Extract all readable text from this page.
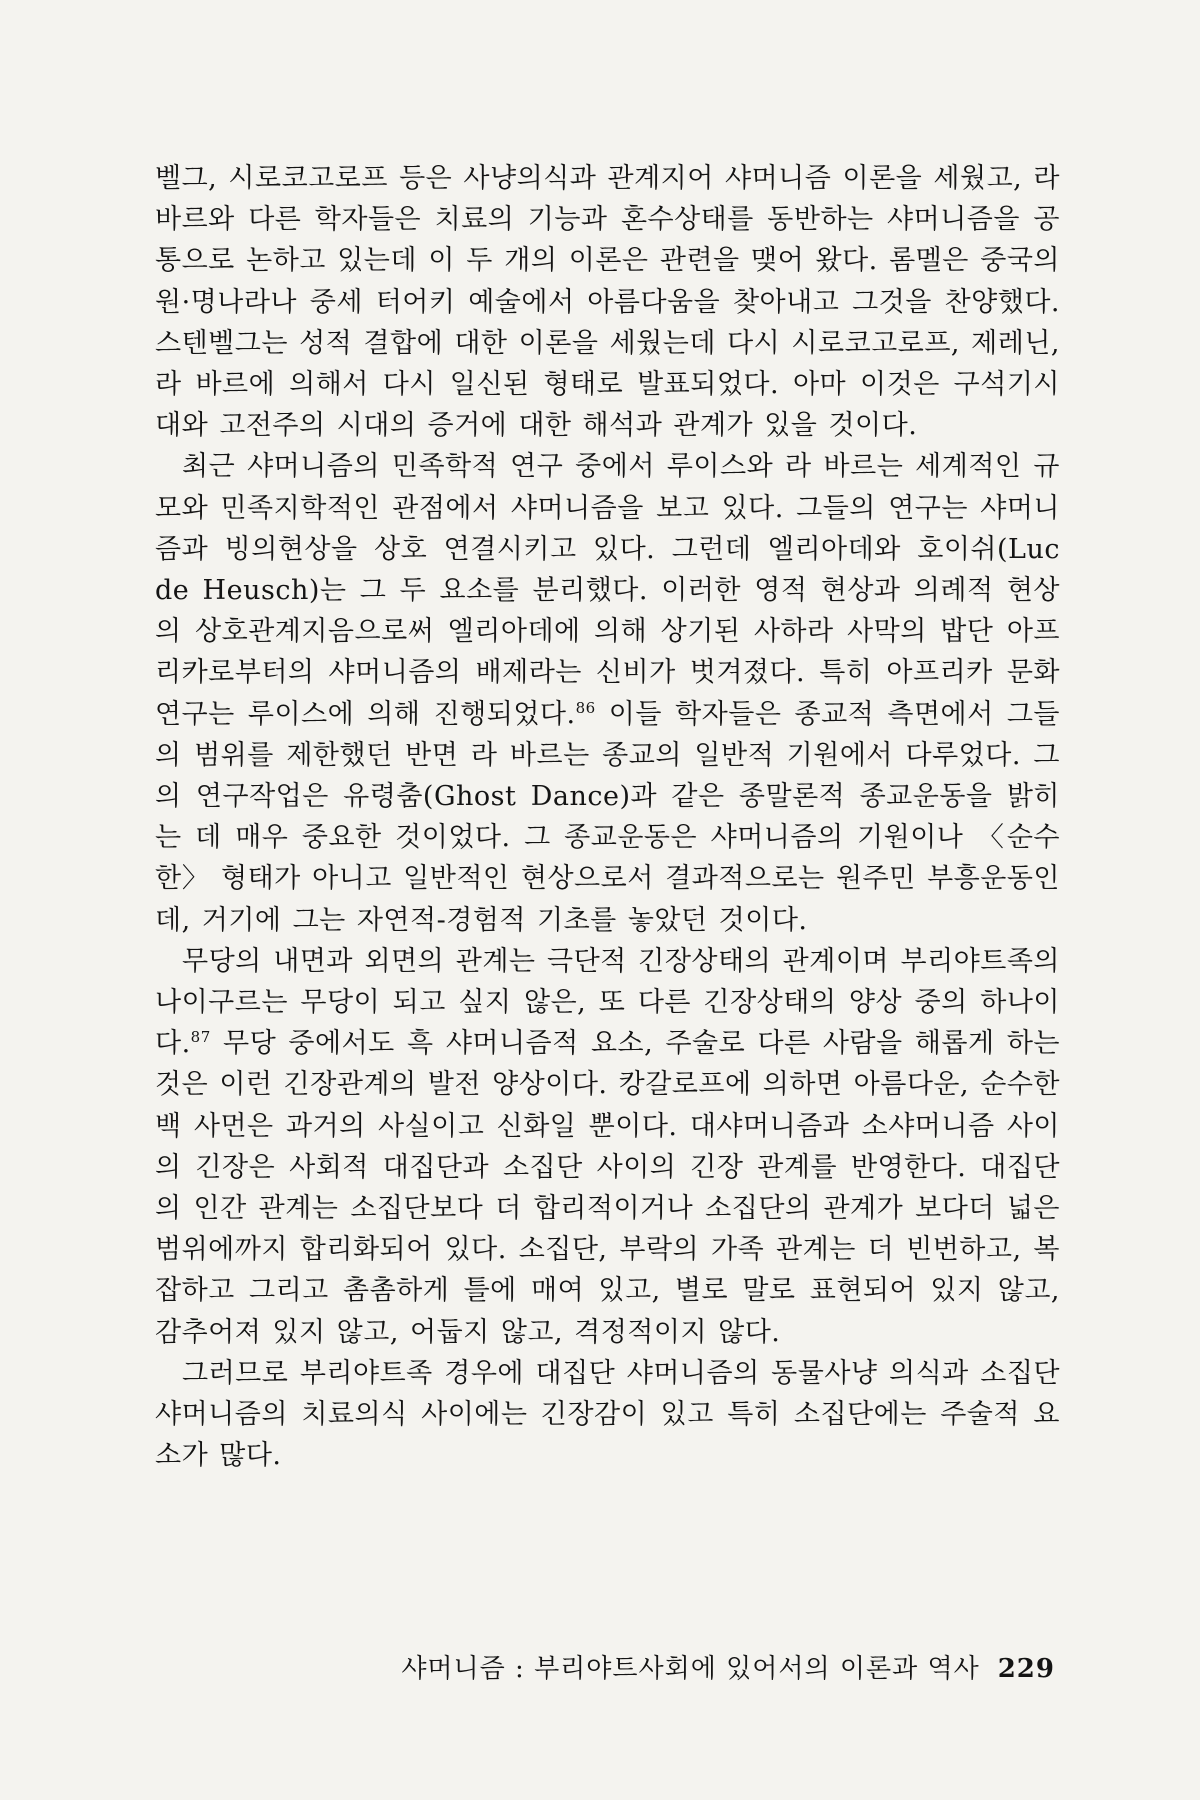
벨그, 시로코고로프 등은 사냥의식과 관계지어 샤머니즘 이론을 세웠고, 라 바르와 다른 학자들은 치료의 기능과 혼수상태를 동반하는 샤머니즘을 공통으로 논하고 있는데 이 두 개의 이론은 관련을 맺어 왔다. 롬멜은 중국의 원·명나라나 중세 터어키 예술에서 아름다움을 찾아내고 그것을 찬양했다. 스텐벨그는 성적 결합에 대한 이론을 세웠는데 다시 시로코고로프, 제레닌, 라 바르에 의해서 다시 일신된 형태로 발표되었다. 아마 이것은 구석기시대와 고전주의 시대의 증거에 대한 해석과 관계가 있을 것이다.

최근 샤머니즘의 민족학적 연구 중에서 루이스와 라 바르는 세계적인 규모와 민족지학적인 관점에서 샤머니즘을 보고 있다. 그들의 연구는 샤머니즘과 빙의현상을 상호 연결시키고 있다. 그런데 엘리아데와 호이쉬(Luc de Heusch)는 그 두 요소를 분리했다. 이러한 영적 현상과 의례적 현상의 상호관계지음으로써 엘리아데에 의해 상기된 사하라 사막의 밥단 아프리카로부터의 샤머니즘의 배제라는 신비가 벗겨졌다. 특히 아프리카 문화 연구는 루이스에 의해 진행되었다.$^{86}$ 이들 학자들은 종교적 측면에서 그들의 범위를 제한했던 반면 라 바르는 종교의 일반적 기원에서 다루었다. 그의 연구작업은 유령춤(Ghost Dance)과 같은 종말론적 종교운동을 밝히는 데 매우 중요한 것이었다. 그 종교운동은 샤머니즘의 기원이나 〈순수한〉 형태가 아니고 일반적인 현상으로서 결과적으로는 원주민 부흥운동인데, 거기에 그는 자연적-경험적 기초를 놓았던 것이다.

무당의 내면과 외면의 관계는 극단적 긴장상태의 관계이며 부리야트족의 나이구르는 무당이 되고 싶지 않은, 또 다른 긴장상태의 양상 중의 하나이다.$^{87}$ 무당 중에서도 흑 샤머니즘적 요소, 주술로 다른 사람을 해롭게 하는 것은 이런 긴장관계의 발전 양상이다. 캉갈로프에 의하면 아름다운, 순수한 백 사먼은 과거의 사실이고 신화일 뿐이다. 대샤머니즘과 소샤머니즘 사이의 긴장은 사회적 대집단과 소집단 사이의 긴장 관계를 반영한다. 대집단의 인간 관계는 소집단보다 더 합리적이거나 소집단의 관계가 보다더 넓은 범위에까지 합리화되어 있다. 소집단, 부락의 가족 관계는 더 빈번하고, 복잡하고 그리고 촘촘하게 틀에 매여 있고, 별로 말로 표현되어 있지 않고, 감추어져 있지 않고, 어둡지 않고, 격정적이지 않다.

그러므로 부리야트족 경우에 대집단 샤머니즘의 동물사냥 의식과 소집단 샤머니즘의 치료의식 사이에는 긴장감이 있고 특히 소집단에는 주술적 요소가 많다.

샤머니즘 : 부리야트사회에 있어서의 이론과 역사 229
